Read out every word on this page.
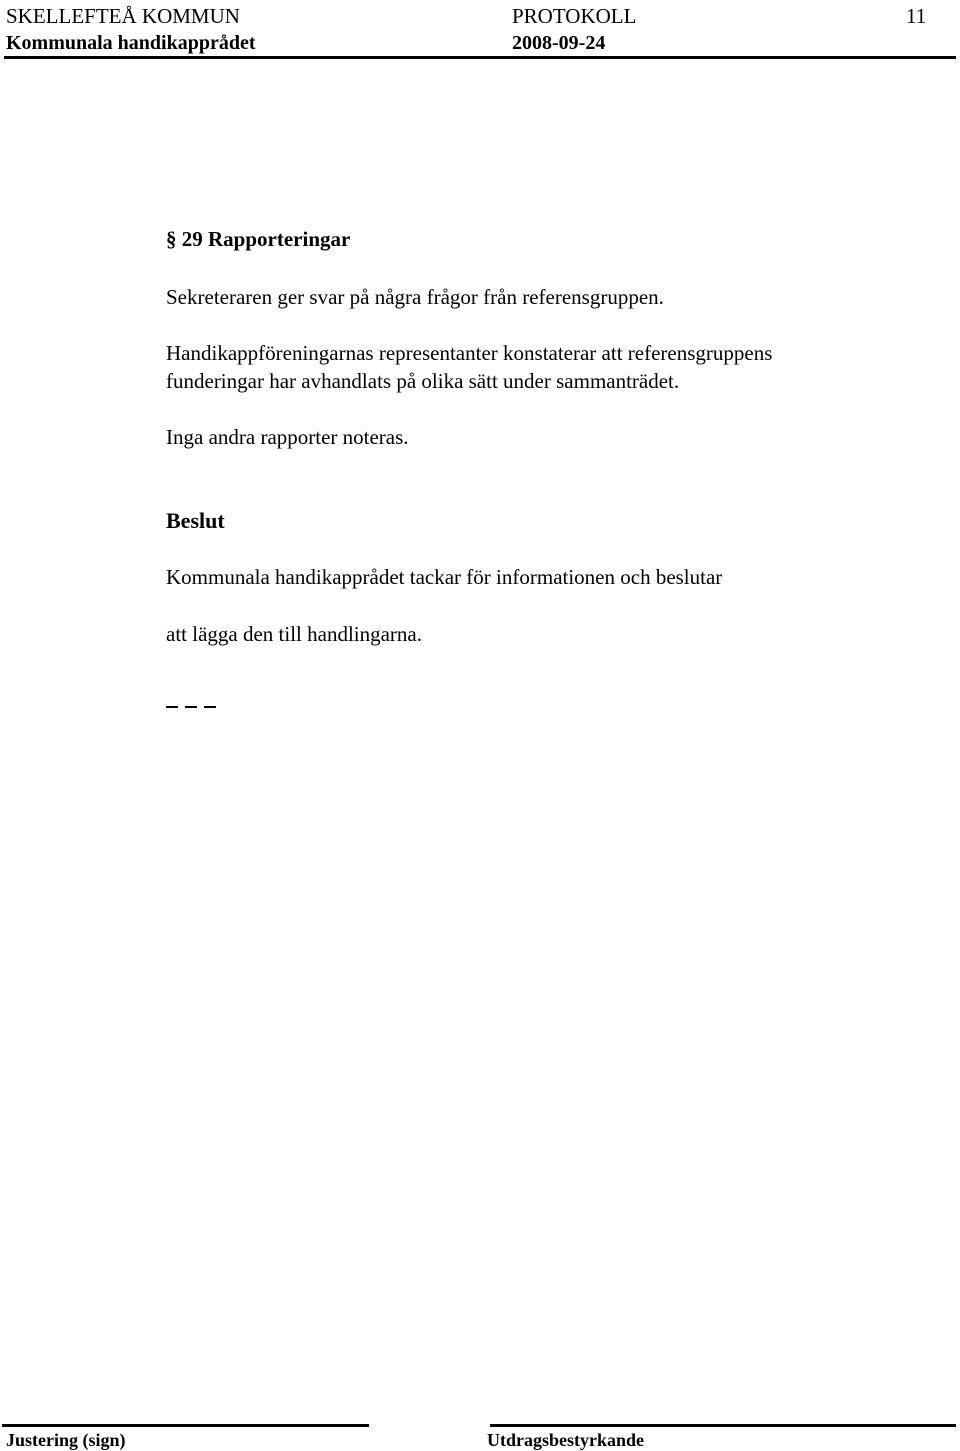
SKELLEFTEÅ KOMMUN	PROTOKOLL	11
Kommunala handikapprådet	2008-09-24
§ 29 Rapporteringar
Sekreteraren ger svar på några frågor från referensgruppen.
Handikappföreningarnas representanter konstaterar att referensgruppens
funderingar har avhandlats på olika sätt under sammanträdet.
Inga andra rapporter noteras.
Beslut
Kommunala handikapprådet tackar för informationen och beslutar
att lägga den till handlingarna.
Justering (sign)	Utdragsbestyrkande
